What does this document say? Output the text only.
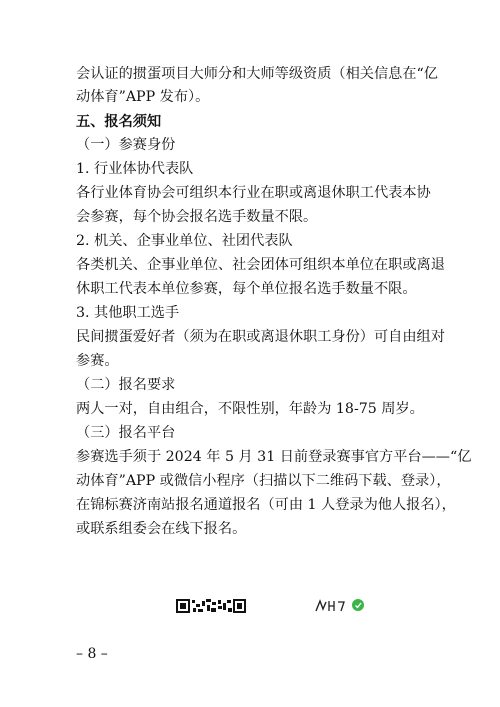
会认证的掼蛋项目大师分和大师等级资质（相关信息在“亿
动体育”APP 发布）。
五、报名须知
（一）参赛身份
1. 行业体协代表队
各行业体育协会可组织本行业在职或离退休职工代表本协
会参赛，每个协会报名选手数量不限。
2. 机关、企事业单位、社团代表队
各类机关、企事业单位、社会团体可组织本单位在职或离退
休职工代表本单位参赛，每个单位报名选手数量不限。
3. 其他职工选手
民间掼蛋爱好者（须为在职或离退休职工身份）可自由组对
参赛。
（二）报名要求
两人一对，自由组合，不限性别，年龄为 18-75 周岁。
（三）报名平台
参赛选手须于 2024 年 5 月 31 日前登录赛事官方平台——“亿
动体育”APP 或微信小程序（扫描以下二维码下载、登录），
在锦标赛济南站报名通道报名（可由 1 人登录为他人报名），
或联系组委会在线下报名。
– 8 –
